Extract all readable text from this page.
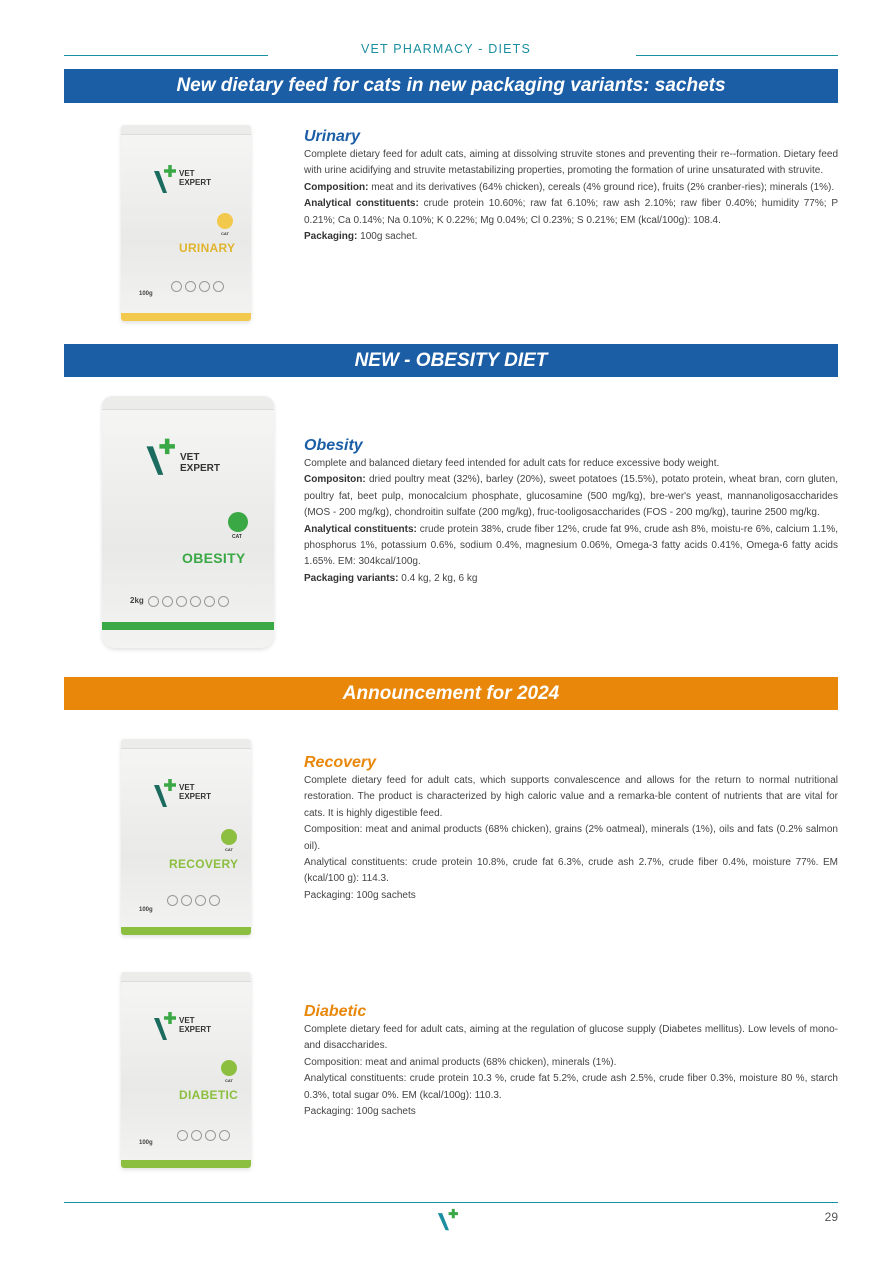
VET PHARMACY - DIETS
New dietary feed for cats in new packaging variants: sachets
VET
EXPERT
CAT
URINARY
100g
Urinary

Complete dietary feed for adult cats, aiming at dissolving struvite stones and preventing their re--formation. Dietary feed with urine acidifying and struvite metastabilizing properties, promoting the formation of urine unsaturated with struvite.

Composition: meat and its derivatives (64% chicken), cereals (4% ground rice), fruits (2% cranber-ries); minerals (1%).

Analytical constituents: crude protein 10.60%; raw fat 6.10%; raw ash 2.10%; raw fiber 0.40%; humidity 77%; P 0.21%; Ca 0.14%; Na 0.10%; K 0.22%; Mg 0.04%; Cl 0.23%; S 0.21%; EM (kcal/100g): 108.4.

Packaging: 100g sachet.

NEW - OBESITY DIET
VET
EXPERT
CAT
OBESITY
2kg
Obesity

Complete and balanced dietary feed intended for adult cats for reduce excessive body weight.

Compositon: dried poultry meat (32%), barley (20%), sweet potatoes (15.5%), potato protein, wheat bran, corn gluten, poultry fat, beet pulp, monocalcium phosphate, glucosamine (500 mg/kg), bre-wer's yeast, mannanoligosaccharides (MOS - 200 mg/kg), chondroitin sulfate (200 mg/kg), fruc-tooligosaccharides (FOS - 200 mg/kg), taurine 2500 mg/kg.

Analytical constituents: crude protein 38%, crude fiber 12%, crude fat 9%, crude ash 8%, moistu-re 6%, calcium 1.1%, phosphorus 1%, potassium 0.6%, sodium 0.4%, magnesium 0.06%, Omega-3 fatty acids 0.41%, Omega-6 fatty acids 1.65%. EM: 304kcal/100g.

Packaging variants: 0.4 kg, 2 kg, 6 kg

Announcement for 2024
VET
EXPERT
CAT
RECOVERY
100g
Recovery

Complete dietary feed for adult cats, which supports convalescence and allows for the return to normal nutritional restoration. The product is characterized by high caloric value and a remarka-ble content of nutrients that are vital for cats. It is highly digestible feed.

Composition: meat and animal products (68% chicken), grains (2% oatmeal), minerals (1%), oils and fats (0.2% salmon oil).

Analytical constituents: crude protein 10.8%, crude fat 6.3%, crude ash 2.7%, crude fiber 0.4%, moisture 77%. EM (kcal/100 g): 114.3.

Packaging: 100g sachets

VET
EXPERT
CAT
DIABETIC
100g
Diabetic

Complete dietary feed for adult cats, aiming at the regulation of glucose supply (Diabetes mellitus). Low levels of mono- and disaccharides.

Composition: meat and animal products (68% chicken), minerals (1%).

Analytical constituents: crude protein 10.3 %, crude fat 5.2%, crude ash 2.5%, crude fiber 0.3%, moisture 80 %, starch 0.3%, total sugar 0%. EM (kcal/100g): 110.3.

Packaging: 100g sachets

29
